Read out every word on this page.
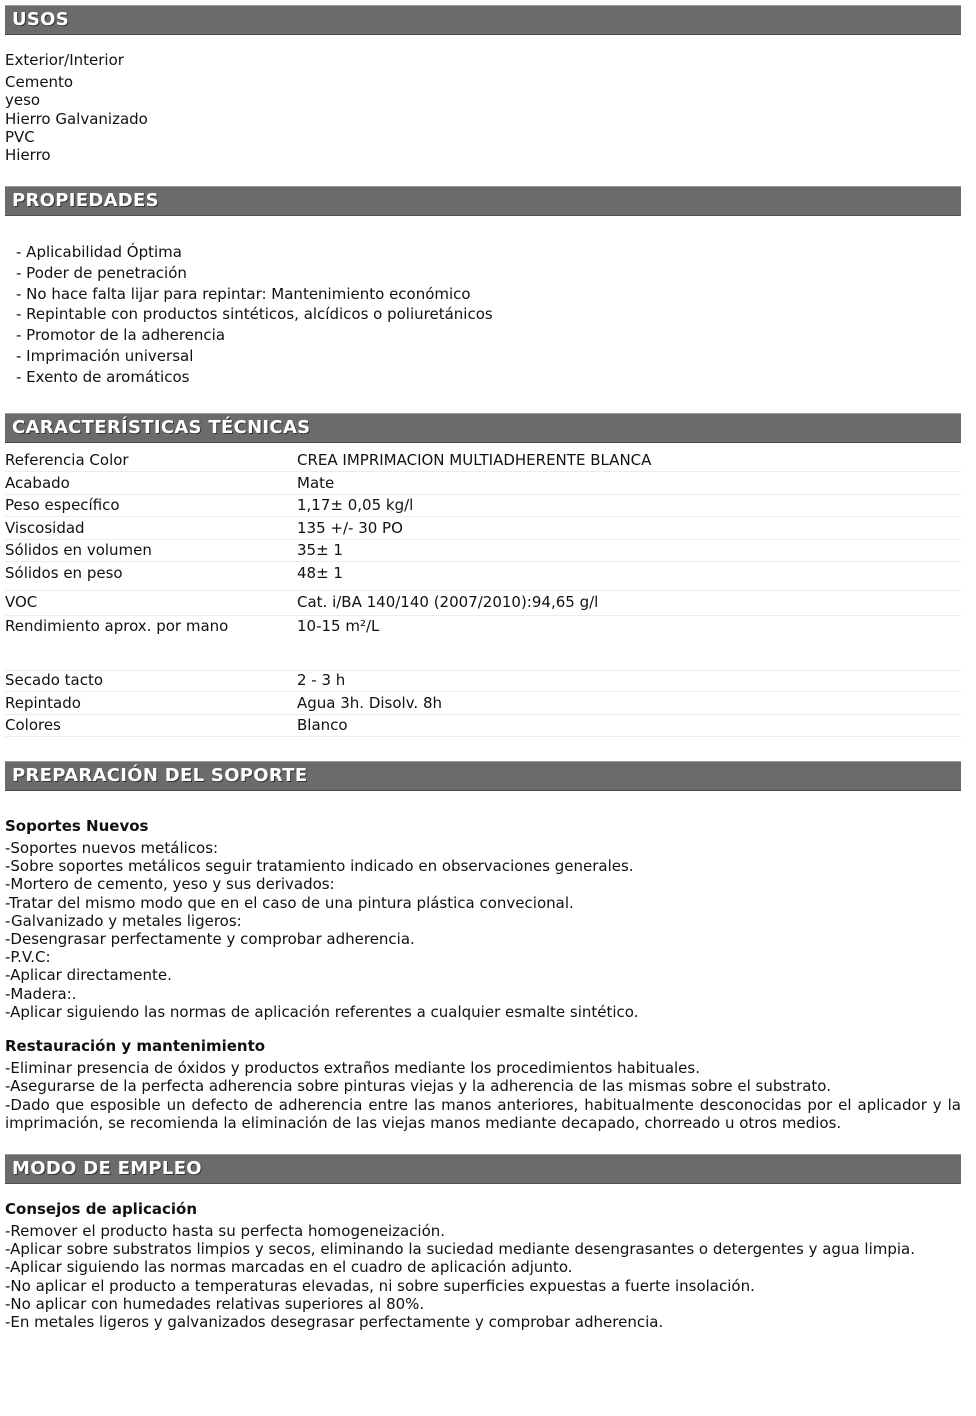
USOS
Exterior/Interior
Cemento
yeso
Hierro Galvanizado
PVC
Hierro
PROPIEDADES
- Aplicabilidad Óptima
- Poder de penetración
- No hace falta lijar para repintar: Mantenimiento económico
- Repintable con productos sintéticos, alcídicos o poliuretánicos
- Promotor de la adherencia
- Imprimación universal
- Exento de aromáticos
CARACTERÍSTICAS TÉCNICAS
Referencia Color	CREA IMPRIMACION MULTIADHERENTE BLANCA
Acabado	Mate
Peso específico	1,17± 0,05 kg/l
Viscosidad	135 +/- 30 PO
Sólidos en volumen	35± 1
Sólidos en peso	48± 1
VOC	Cat. i/BA 140/140 (2007/2010):94,65 g/l
Rendimiento aprox. por mano	10-15 m²/L
Secado tacto	2 - 3 h
Repintado	Agua 3h. Disolv. 8h
Colores	Blanco
PREPARACIÓN DEL SOPORTE
Soportes Nuevos
-Soportes nuevos metálicos:
-Sobre soportes metálicos seguir tratamiento indicado en observaciones generales.
-Mortero de cemento, yeso y sus derivados:
-Tratar del mismo modo que en el caso de una pintura plástica convecional.
-Galvanizado y metales ligeros:
-Desengrasar perfectamente y comprobar adherencia.
-P.V.C:
-Aplicar directamente.
-Madera:.
-Aplicar siguiendo las normas de aplicación referentes a cualquier esmalte sintético.
Restauración y mantenimiento
-Eliminar presencia de óxidos y productos extraños mediante los procedimientos habituales.
-Asegurarse de la perfecta adherencia sobre pinturas viejas y la adherencia de las mismas sobre el substrato.
-Dado que esposible un defecto de adherencia entre las manos anteriores, habitualmente desconocidas por el aplicador y la imprimación, se recomienda la eliminación de las viejas manos mediante decapado, chorreado u otros medios.
MODO DE EMPLEO
Consejos de aplicación
-Remover el producto hasta su perfecta homogeneización.
-Aplicar sobre substratos limpios y secos, eliminando la suciedad mediante desengrasantes o detergentes y agua limpia.
-Aplicar siguiendo las normas marcadas en el cuadro de aplicación adjunto.
-No aplicar el producto a temperaturas elevadas, ni sobre superficies expuestas a fuerte insolación.
-No aplicar con humedades relativas superiores al 80%.
-En metales ligeros y galvanizados desegrasar perfectamente y comprobar adherencia.
